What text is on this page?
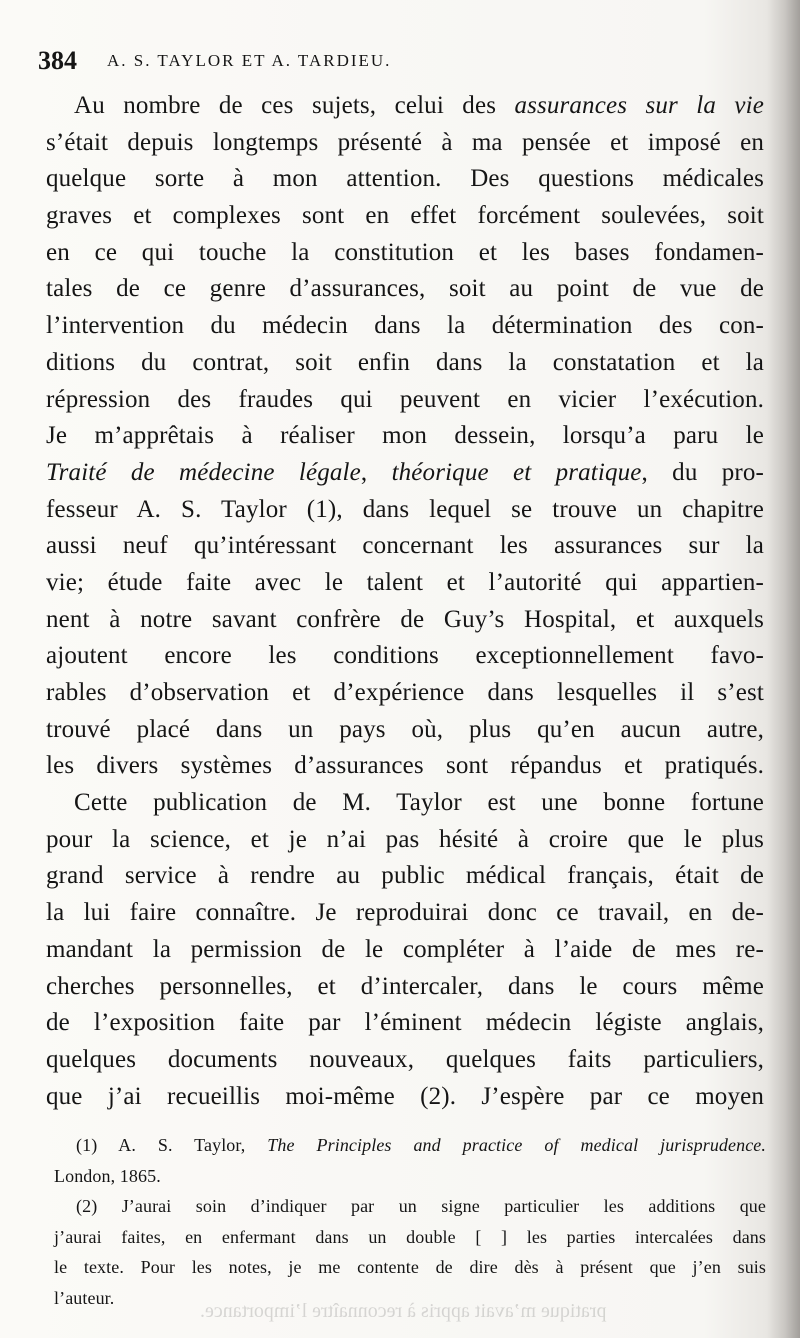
384 A. S. TAYLOR ET A. TARDIEU.
Au nombre de ces sujets, celui des assurances sur la vie
s’était depuis longtemps présenté à ma pensée et imposé en
quelque sorte à mon attention. Des questions médicales
graves et complexes sont en effet forcément soulevées, soit
en ce qui touche la constitution et les bases fondamen-
tales de ce genre d’assurances, soit au point de vue de
l’intervention du médecin dans la détermination des con-
ditions du contrat, soit enfin dans la constatation et la
répression des fraudes qui peuvent en vicier l’exécution.
Je m’apprêtais à réaliser mon dessein, lorsqu’a paru le
Traité de médecine légale, théorique et pratique, du pro-
fesseur A. S. Taylor (1), dans lequel se trouve un chapitre
aussi neuf qu’intéressant concernant les assurances sur la
vie; étude faite avec le talent et l’autorité qui appartien-
nent à notre savant confrère de Guy’s Hospital, et auxquels
ajoutent encore les conditions exceptionnellement favo-
rables d’observation et d’expérience dans lesquelles il s’est
trouvé placé dans un pays où, plus qu’en aucun autre,
les divers systèmes d’assurances sont répandus et pratiqués.
Cette publication de M. Taylor est une bonne fortune
pour la science, et je n’ai pas hésité à croire que le plus
grand service à rendre au public médical français, était de
la lui faire connaître. Je reproduirai donc ce travail, en de-
mandant la permission de le compléter à l’aide de mes re-
cherches personnelles, et d’intercaler, dans le cours même
de l’exposition faite par l’éminent médecin légiste anglais,
quelques documents nouveaux, quelques faits particuliers,
que j’ai recueillis moi-même (2). J’espère par ce moyen
(1) A. S. Taylor, The Principles and practice of medical jurisprudence.
London, 1865.
(2) J’aurai soin d’indiquer par un signe particulier les additions que
j’aurai faites, en enfermant dans un double [ ] les parties intercalées dans
le texte. Pour les notes, je me contente de dire dès à présent que j’en suis
l’auteur.
pratique m’avait appris à reconnaître l’importance.
